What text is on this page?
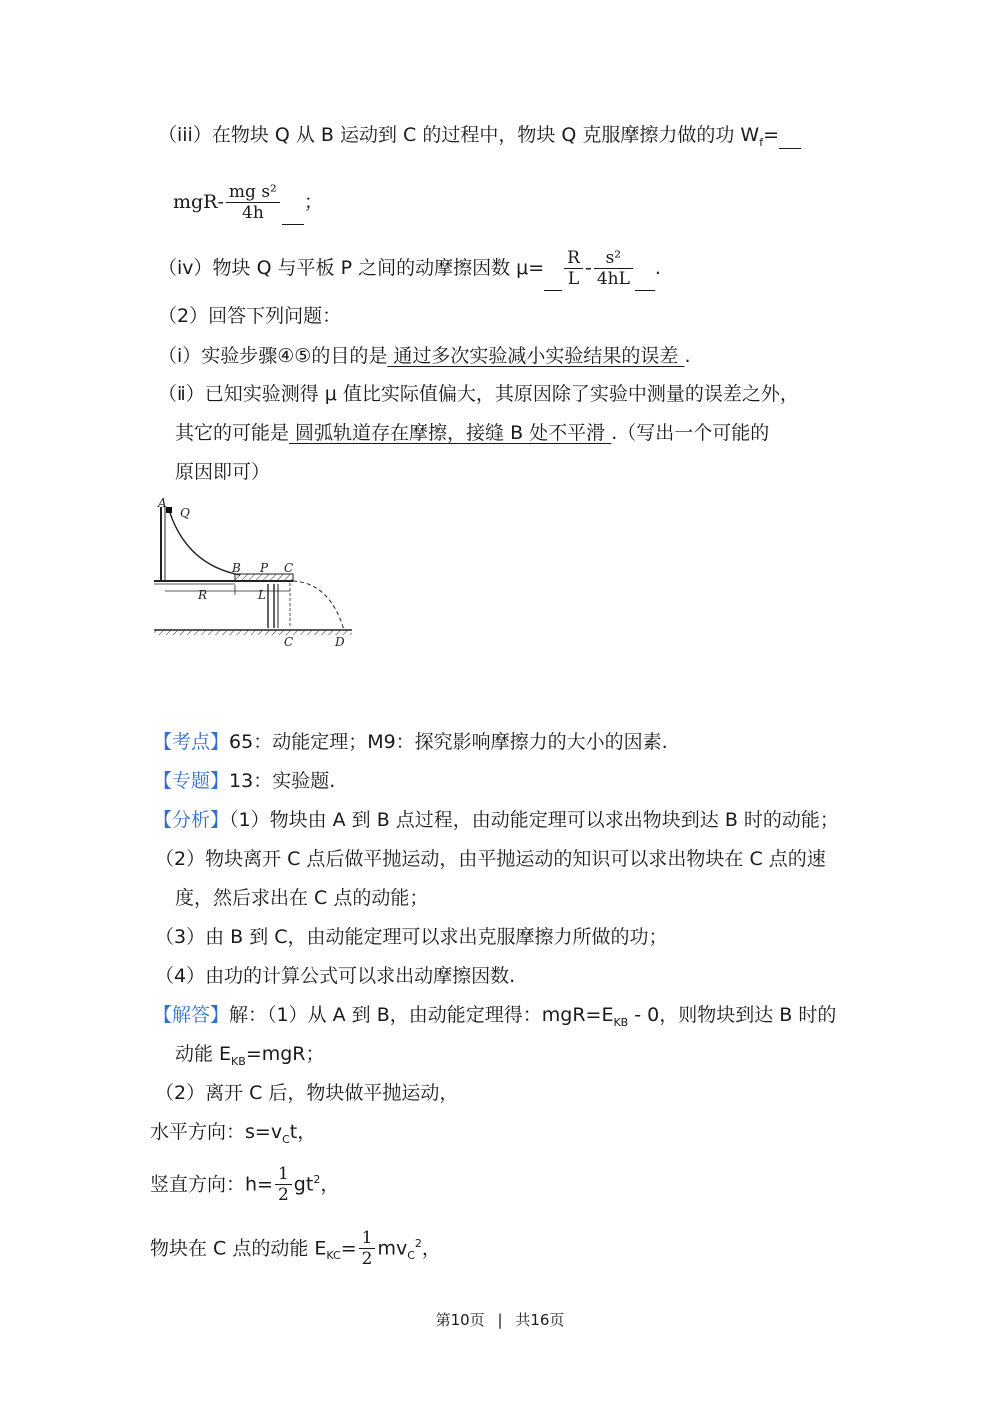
（iii）在物块 Q 从 B 运动到 C 的过程中，物块 Q 克服摩擦力做的功 $W_f=$
$mgR- \frac{\text{mg s²}}{4h}$ ；
（iv）物块 Q 与平板 P 之间的动摩擦因数 $\mu= \frac{R}{L} - \frac{\text{s²}}{4hL}$ .
（2）回答下列问题：
（ⅰ）实验步骤④⑤的目的是 通过多次实验减小实验结果的误差 .
（ⅱ）已知实验测得 μ 值比实际值偏大，其原因除了实验中测量的误差之外，
其它的可能是 圆弧轨道存在摩擦，接缝 B 处不平滑 .（写出一个可能的
原因即可）
A
Q
B P C
R	L
C	D
【考点】65：动能定理；M9：探究影响摩擦力的大小的因素.
【专题】13：实验题.
【分析】（1）物块由 A 到 B 点过程，由动能定理可以求出物块到达 B 时的动能；
（2）物块离开 C 点后做平抛运动，由平抛运动的知识可以求出物块在 C 点的速
度，然后求出在 C 点的动能；
（3）由 B 到 C，由动能定理可以求出克服摩擦力所做的功；
（4）由功的计算公式可以求出动摩擦因数.
【解答】解：（1）从 A 到 B，由动能定理得：$mgR=E_{KB} - 0$，则物块到达 B 时的
动能 $E_{KB}=mgR$；
（2）离开 C 后，物块做平抛运动，
水平方向：$s=v_Ct$，
竖直方向：$h= \frac{1}{2} gt^2$，
物块在 C 点的动能 $E_{KC}= \frac{1}{2} mv_C^2$，
第10页 | 共16页
